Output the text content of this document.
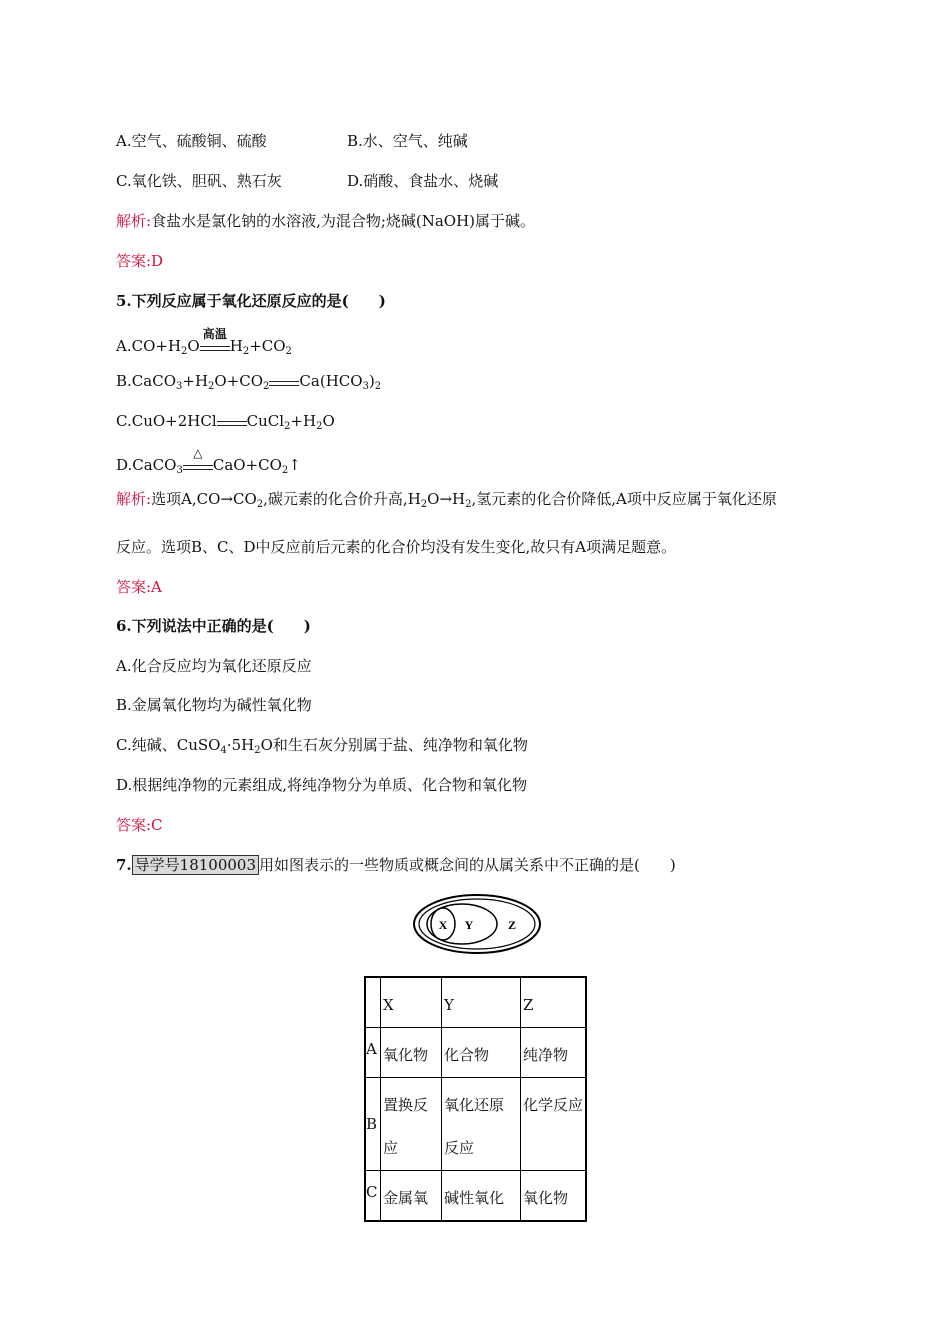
A.空气、硫酸铜、硫酸	B.水、空气、纯碱
C.氧化铁、胆矾、熟石灰	D.硝酸、食盐水、烧碱
解析:食盐水是氯化钠的水溶液,为混合物;烧碱(NaOH)属于碱。
答案:D
5.下列反应属于氧化还原反应的是(　　)
$A.CO+H_2O$
高温
$H_2+CO_2$
$B.CaCO_3+H_2O+CO_2$ $Ca(HCO_3)_2$
C.CuO+2HCl $CuCl_2+H_2O$
D.CaCO$_3$
△
$CaO+CO_2↑$
解析:选项$A,CO\to CO_2$,碳元素的化合价升高$,H_2O\to H_2$,氢元素的化合价降低,A项中反应属于氧化还原
反应。选项B、C、D中反应前后元素的化合价均没有发生变化,故只有A项满足题意。
答案:A
6.下列说法中正确的是(　　)
A.化合反应均为氧化还原反应
B.金属氧化物均为碱性氧化物
C.纯碱、$CuSO_4\cdot 5H_2O$和生石灰分别属于盐、纯净物和氧化物
D.根据纯净物的元素组成,将纯净物分为单质、化合物和氧化物
答案:C
7. 导学号18100003 用如图表示的一些物质或概念间的从属关系中不正确的是(　　)
X Y	Z
	X	Y	Z
A	氧化物	化合物	纯净物
B	置换反应	氧化还原反应	化学反应
C	金属氧	碱性氧化	氧化物
